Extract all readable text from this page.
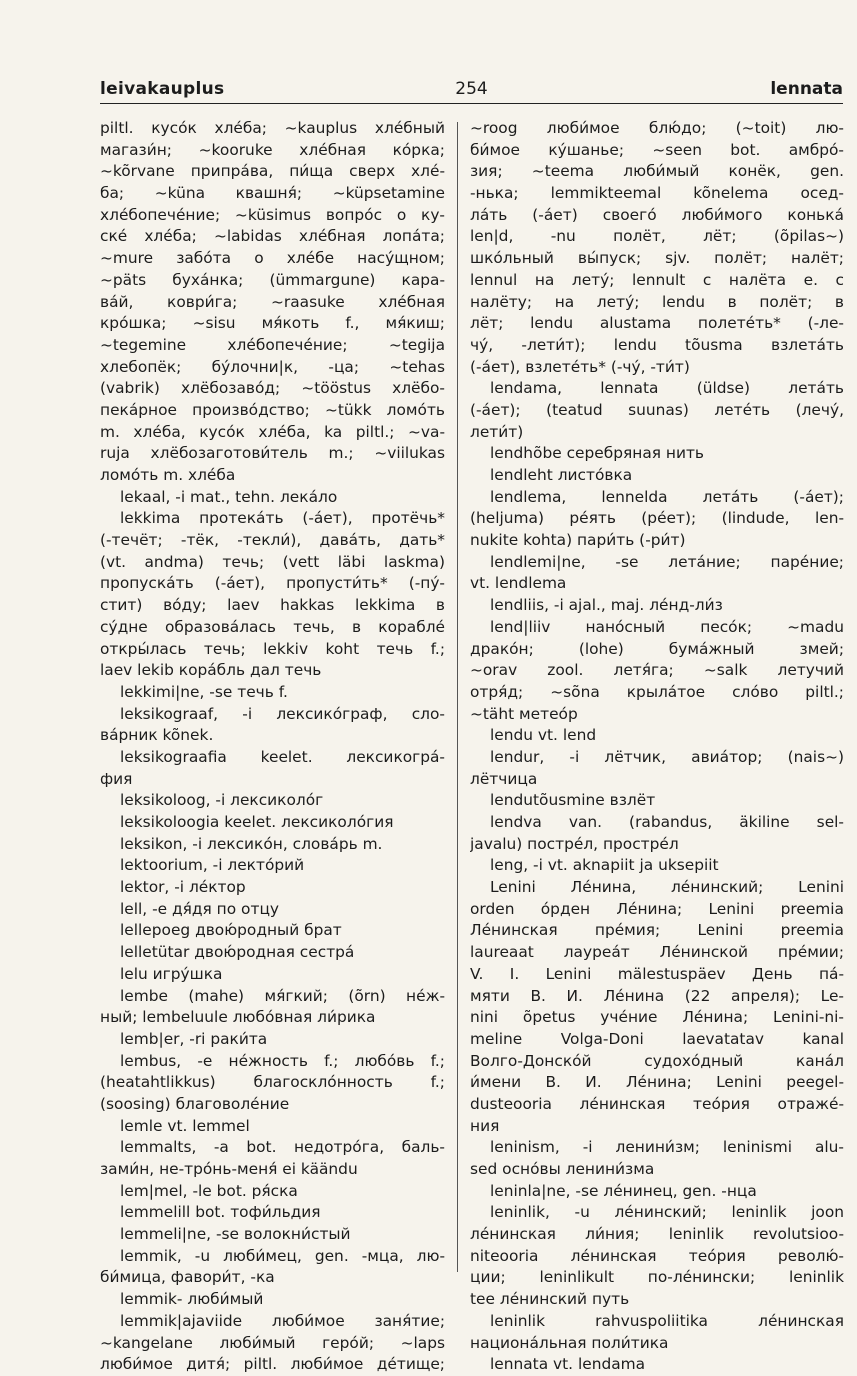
leivakauplus	254	lennata
piltl. кусо́к хле́ба; ~kauplus хле́бный
магази́н; ~kooruke хле́бная ко́рка;
~kõrvane припра́ва, пи́ща сверх хле́-
ба; ~küna квашня́; ~küpsetamine
хле́бопече́ние; ~küsimus вопро́с о ку-
ске́ хле́ба; ~labidas хле́бная лопа́та;
~mure забо́та о хле́бе насу́щном;
~päts буха́нка; (ümmargune) кара-
ва́й, коври́га; ~raasuke хле́бная
кро́шка; ~sisu мя́коть f., мя́киш;
~tegemine хле́бопече́ние; ~tegija
хлебопёк; бу́лочни|к, -ца; ~tehas
(vabrik) хлёбозаво́д; ~tööstus хлёбо-
пека́рное произво́дство; ~tükk ломо́ть
m. хле́ба, кусо́к хле́ба, ka piltl.; ~va-
ruja хлёбозаготови́тель m.; ~viilukas
ломо́ть m. хле́ба
lekaal, -i mat., tehn. лека́ло
lekkima протека́ть (-а́ет), протёчь*
(-течёт; -тёк, -текли́), дава́ть, дать*
(vt. andma) течь; (vett läbi laskma)
пропуска́ть (-а́ет), пропусти́ть* (-пу́-
стит) во́ду; laev hakkas lekkima в
су́дне образова́лась течь, в корабле́
откры́лась течь; lekkiv koht течь f.;
laev lekib кора́бль дал течь
lekkimi|ne, -se течь f.
leksikograaf, -i лексико́граф, сло-
ва́рник kõnek.
leksikograafia keelet. лексикогра́-
фия
leksikoloog, -i лексиколо́г
leksikoloogia keelet. лексиколо́гия
leksikon, -i лексико́н, слова́рь m.
lektoorium, -i лекто́рий
lektor, -i ле́ктор
lell, -e дя́дя по отцу
lellepoeg двою́родный брат
lelletütar двою́родная сестра́
lelu игру́шка
lembe (mahe) мя́гкий; (õrn) не́ж-
ный; lembeluule любо́вная ли́рика
lemb|er, -ri раки́та
lembus, -e не́жность f.; любо́вь f.;
(heatahtlikkus) благоскло́нность f.;
(soosing) благоволе́ние
lemle vt. lemmel
lemmalts, -a bot. недотро́га, баль-
зами́н, не-тро́нь-меня́ ei käändu
lem|mel, -le bot. ря́ска
lemmelill bot. тофи́льдия
lemmeli|ne, -se волокни́стый
lemmik, -u люби́мец, gen. -мца, лю-
би́мица, фавори́т, -ка
lemmik- люби́мый
lemmik|ajaviide люби́мое заня́тие;
~kangelane люби́мый геро́й; ~laps
люби́мое дитя́; piltl. люби́мое де́тище;
~roog люби́мое блю́до; (~toit) лю-
би́мое ку́шанье; ~seen bot. амбро́-
зия; ~teema люби́мый конёк, gen.
-нька; lemmikteemal kõnelema осед-
ла́ть (-а́ет) своего́ люби́мого конька́
len|d, -nu полёт, лёт; (õpilas~)
шко́льный вы́пуск; sjv. полёт; налёт;
lennul на лету́; lennult с налёта e. с
налёту; на лету́; lendu в полёт; в
лёт; lendu alustama полете́ть* (-ле-
чу́, -лети́т); lendu tõusma взлета́ть
(-а́ет), взлете́ть* (-чу́, -ти́т)
lendama, lennata (üldse) лета́ть
(-а́ет); (teatud suunas) лете́ть (лечу́,
лети́т)
lendhõbe серебряная нить
lendleht листо́вка
lendlema, lennelda лета́ть (-а́ет);
(heljuma) ре́ять (ре́ет); (lindude, len-
nukite kohta) пари́ть (-ри́т)
lendlemi|ne, -se лета́ние; паре́ние;
vt. lendlema
lendliis, -i ajal., maj. ле́нд-ли́з
lend|liiv нано́сный песо́к; ~madu
драко́н; (lohe) бума́жный змей;
~orav zool. летя́га; ~salk летучий
отря́д; ~sõna крыла́тое сло́во piltl.;
~täht метео́р
lendu vt. lend
lendur, -i лётчик, авиа́тор; (nais~)
лётчица
lendutõusmine взлёт
lendva van. (rabandus, äkiline sel-
javalu) постре́л, простре́л
leng, -i vt. aknapiit ja uksepiit
Lenini Ле́нина, ле́нинский; Lenini
orden о́рден Ле́нина; Lenini preemia
Ле́нинская пре́мия; Lenini preemia
laureaat лауреа́т Ле́нинской пре́мии;
V. I. Lenini mälestuspäev День па́-
мяти В. И. Ле́нина (22 апреля); Le-
nini õpetus уче́ние Ле́нина; Lenini-ni-
meline Volga-Doni laevatatav kanal
Волго-Донско́й судохо́дный кана́л
и́мени В. И. Ле́нина; Lenini peegel-
dusteooria ле́нинская тео́рия отраже́-
ния
leninism, -i ленини́зм; leninismi alu-
sed осно́вы ленини́зма
leninla|ne, -se ле́нинец, gen. -нца
leninlik, -u ле́нинский; leninlik joon
ле́нинская ли́ния; leninlik revolutsioo-
niteooria ле́нинская тео́рия револю́-
ции; leninlikult по-ле́нински; leninlik
tee ле́нинский путь
leninlik rahvuspoliitika ле́нинская
национа́льная поли́тика
lennata vt. lendama
